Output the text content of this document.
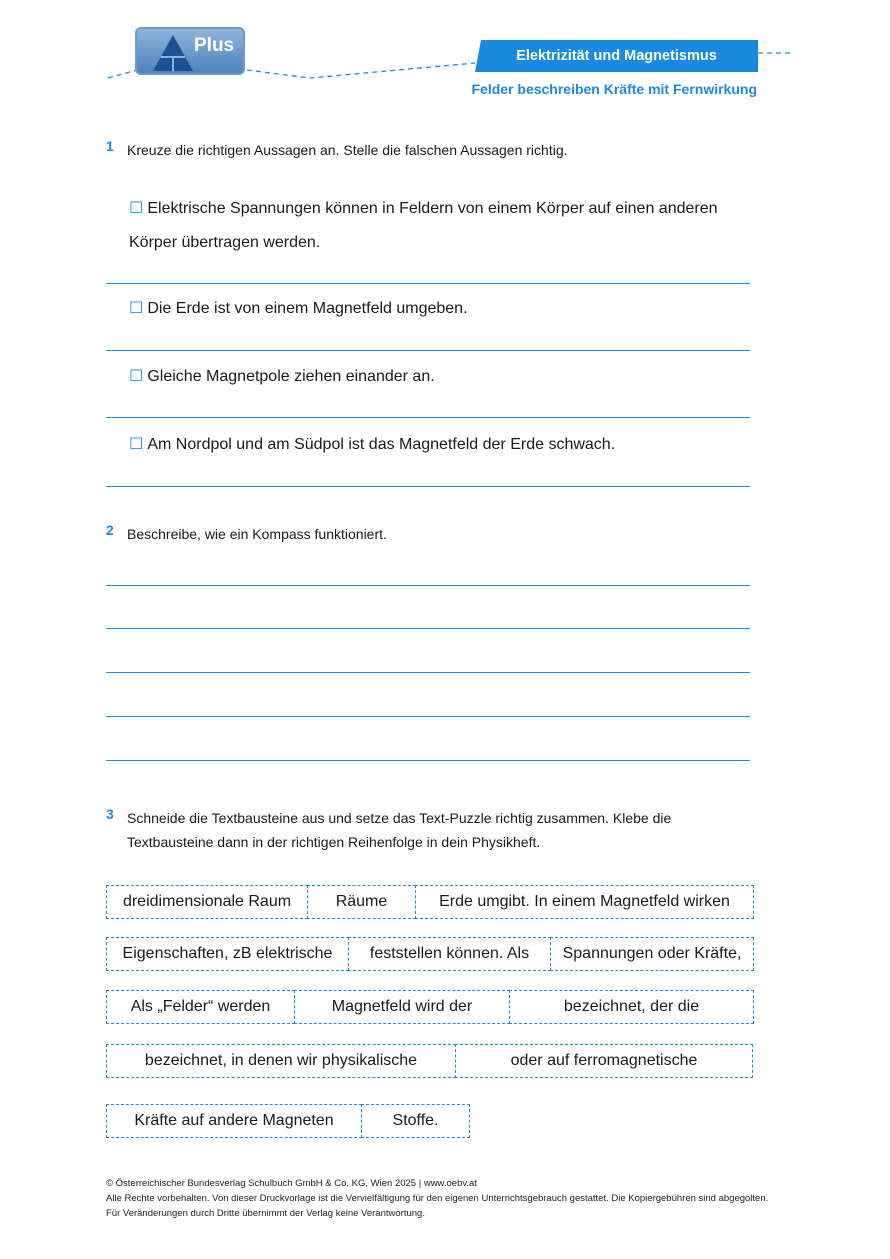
Plus	Elektrizität und Magnetismus
Felder beschreiben Kräfte mit Fernwirkung
1 Kreuze die richtigen Aussagen an. Stelle die falschen Aussagen richtig.
☐ Elektrische Spannungen können in Feldern von einem Körper auf einen anderen
Körper übertragen werden.
☐ Die Erde ist von einem Magnetfeld umgeben.
☐ Gleiche Magnetpole ziehen einander an.
☐ Am Nordpol und am Südpol ist das Magnetfeld der Erde schwach.
2 Beschreibe, wie ein Kompass funktioniert.
3 Schneide die Textbausteine aus und setze das Text-Puzzle richtig zusammen. Klebe die
Textbausteine dann in der richtigen Reihenfolge in dein Physikheft.
dreidimensionale Raum	Räume	Erde umgibt. In einem Magnetfeld wirken
Eigenschaften, zB elektrische	feststellen können. Als	Spannungen oder Kräfte,
Als „Felder“ werden	Magnetfeld wird der	bezeichnet, der die
bezeichnet, in denen wir physikalische	oder auf ferromagnetische
Kräfte auf andere Magneten	Stoffe.
© Österreichischer Bundesverlag Schulbuch GmbH & Co. KG, Wien 2025 | www.oebv.at
Alle Rechte vorbehalten. Von dieser Druckvorlage ist die Vervielfältigung für den eigenen Unterrichtsgebrauch gestattet. Die Kopiergebühren sind abgegolten.
Für Veränderungen durch Dritte übernimmt der Verlag keine Verantwortung.
